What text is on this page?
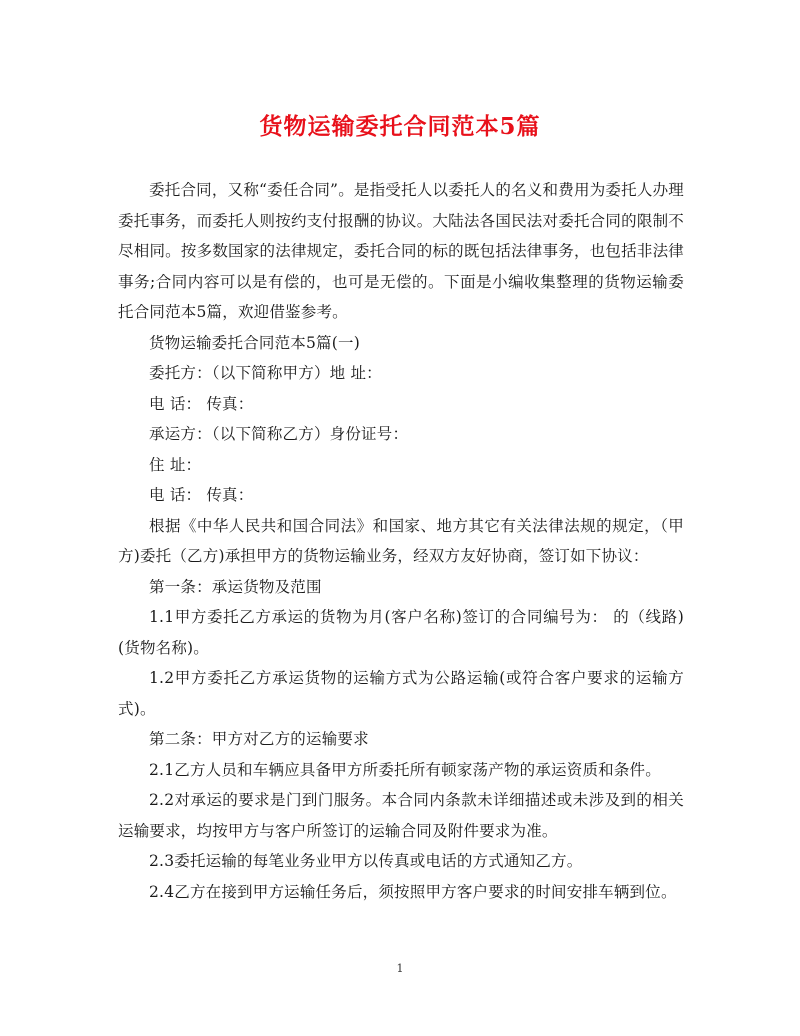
货物运输委托合同范本5篇

委托合同，又称“委任合同”。是指受托人以委托人的名义和费用为委托人办理委托事务，而委托人则按约支付报酬的协议。大陆法各国民法对委托合同的限制不尽相同。按多数国家的法律规定，委托合同的标的既包括法律事务，也包括非法律事务;合同内容可以是有偿的，也可是无偿的。下面是小编收集整理的货物运输委托合同范本5篇，欢迎借鉴参考。

货物运输委托合同范本5篇(一)

委托方：（以下简称甲方）地 址：

电 话： 传真：

承运方：（以下简称乙方）身份证号：

住 址：

电 话： 传真：

根据《中华人民共和国合同法》和国家、地方其它有关法律法规的规定，（甲方)委托（乙方)承担甲方的货物运输业务，经双方友好协商，签订如下协议：

第一条：承运货物及范围

1.1甲方委托乙方承运的货物为月(客户名称)签订的合同编号为： 的（线路)(货物名称)。

1.2甲方委托乙方承运货物的运输方式为公路运输(或符合客户要求的运输方式)。

第二条：甲方对乙方的运输要求

2.1乙方人员和车辆应具备甲方所委托所有顿家荡产物的承运资质和条件。

2.2对承运的要求是门到门服务。本合同内条款未详细描述或未涉及到的相关运输要求，均按甲方与客户所签订的运输合同及附件要求为准。

2.3委托运输的每笔业务业甲方以传真或电话的方式通知乙方。

2.4乙方在接到甲方运输任务后，须按照甲方客户要求的时间安排车辆到位。

1
